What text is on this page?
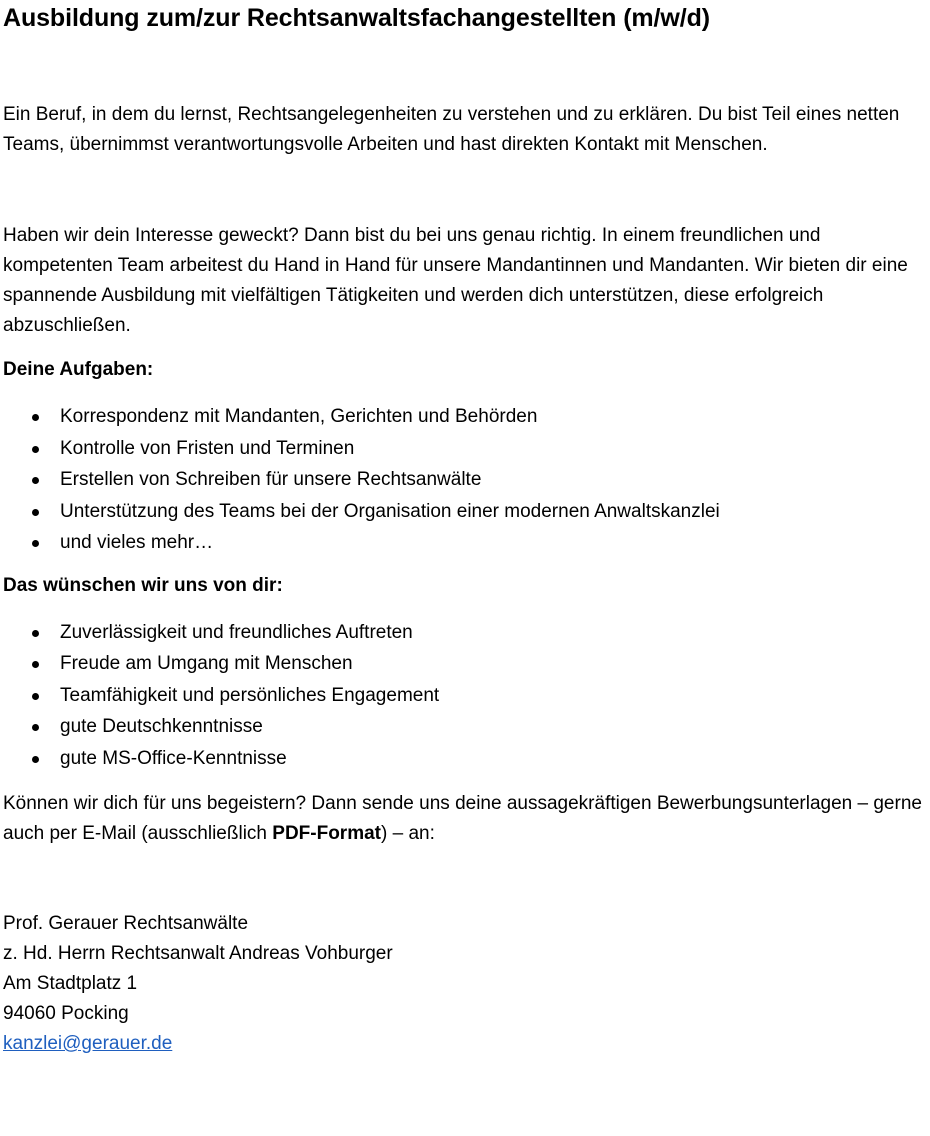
Ausbildung zum/zur Rechtsanwaltsfachangestellten (m/w/d)

Ein Beruf, in dem du lernst, Rechtsangelegenheiten zu verstehen und zu erklären. Du bist Teil eines netten Teams, übernimmst verantwortungsvolle Arbeiten und hast direkten Kontakt mit Menschen.

Haben wir dein Interesse geweckt? Dann bist du bei uns genau richtig. In einem freundlichen und kompetenten Team arbeitest du Hand in Hand für unsere Mandantinnen und Mandanten. Wir bieten dir eine spannende Ausbildung mit vielfältigen Tätigkeiten und werden dich unterstützen, diese erfolgreich abzuschließen.

Deine Aufgaben:

Korrespondenz mit Mandanten, Gerichten und Behörden
Kontrolle von Fristen und Terminen
Erstellen von Schreiben für unsere Rechtsanwälte
Unterstützung des Teams bei der Organisation einer modernen Anwaltskanzlei
und vieles mehr…

Das wünschen wir uns von dir:

Zuverlässigkeit und freundliches Auftreten
Freude am Umgang mit Menschen
Teamfähigkeit und persönliches Engagement
gute Deutschkenntnisse
gute MS-Office-Kenntnisse

Können wir dich für uns begeistern? Dann sende uns deine aussagekräftigen Bewerbungsunterlagen – gerne auch per E-Mail (ausschließlich PDF-Format) – an:

Prof. Gerauer Rechtsanwälte

z. Hd. Herrn Rechtsanwalt Andreas Vohburger

Am Stadtplatz 1

94060 Pocking

kanzlei@gerauer.de
